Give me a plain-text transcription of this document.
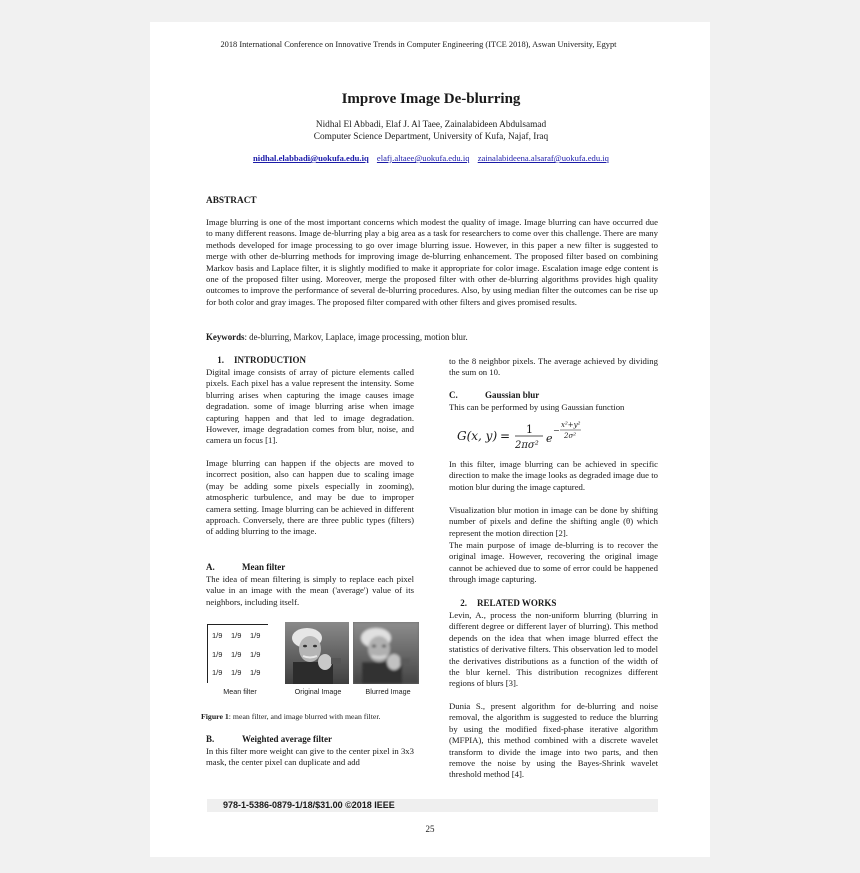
2018 International Conference on Innovative Trends in Computer Engineering (ITCE 2018), Aswan University, Egypt
Improve Image De-blurring
Nidhal El Abbadi, Elaf J. Al Taee, Zainalabideen Abdulsamad
Computer Science Department, University of Kufa, Najaf, Iraq
nidhal.elabbadi@uokufa.edu.iq elafj.altaee@uokufa.edu.iq zainalabideena.alsaraf@uokufa.edu.iq
ABSTRACT
Image blurring is one of the most important concerns which modest the quality of image. Image blurring can have occurred due to many different reasons. Image de-blurring play a big area as a task for researchers to come over this challenge. There are many methods developed for image processing to go over image blurring issue. However, in this paper a new filter is suggested to merge with other de-blurring methods for improving image de-blurring enhancement. The proposed filter based on combining Markov basis and Laplace filter, it is slightly modified to make it appropriate for color image. Escalation image edge content is one of the proposed filter using. Moreover, merge the proposed filter with other de-blurring algorithms provides high quality outcomes to improve the performance of several de-blurring procedures. Also, by using median filter the outcomes can be rise up for both color and gray images. The proposed filter compared with other filters and gives promised results.
Keywords: de-blurring, Markov, Laplace, image processing, motion blur.
1. INTRODUCTION
Digital image consists of array of picture elements called pixels. Each pixel has a value represent the intensity. Some blurring arises when capturing the image causes image degradation. some of image blurring arise when image capturing happen and that led to image degradation. However, image degradation comes from blur, noise, and camera un focus [1].
Image blurring can happen if the objects are moved to incorrect position, also can happen due to scaling image (may be adding some pixels especially in zooming), atmospheric turbulence, and may be due to improper camera setting. Image blurring can be achieved in different approach. Conversely, there are three public types (filters) of adding blurring to the image.
A.	Mean filter
The idea of mean filtering is simply to replace each pixel value in an image with the mean ('average') value of its neighbors, including itself.
1/9 1/9 1/9
1/9 1/9 1/9
1/9 1/9 1/9
Mean filter	Original Image	Blurred Image
Figure 1: mean filter, and image blurred with mean filter.
B.	Weighted average filter
In this filter more weight can give to the center pixel in 3x3 mask, the center pixel can duplicate and add
to the 8 neighbor pixels. The average achieved by dividing the sum on 10.
C.	Gaussian blur
This can be performed by using Gaussian function
G(x, y) = 1
2πσ²
e
−
x²+y²
2σ²
In this filter, image blurring can be achieved in specific direction to make the image looks as degraded image due to motion blur during the image captured.
Visualization blur motion in image can be done by shifting number of pixels and define the shifting angle (θ) which represent the motion direction [2].
The main purpose of image de-blurring is to recover the original image. However, recovering the original image cannot be achieved due to some of error could be happened through image capturing.
2. RELATED WORKS
Levin, A., process the non-uniform blurring (blurring in different degree or different layer of blurring). This method depends on the idea that when image blurred effect the statistics of derivative filters. This observation led to model the derivatives distributions as a function of the width of the blur kernel. This distribution recognizes different regions of blurs [3].
Dunia S., present algorithm for de-blurring and noise removal, the algorithm is suggested to reduce the blurring by using the modified fixed-phase iterative algorithm (MFPIA), this method combined with a discrete wavelet transform to divide the image into two parts, and then remove the noise by using the Bayes-Shrink wavelet threshold method [4].
978-1-5386-0879-1/18/$31.00 ©2018 IEEE
25
